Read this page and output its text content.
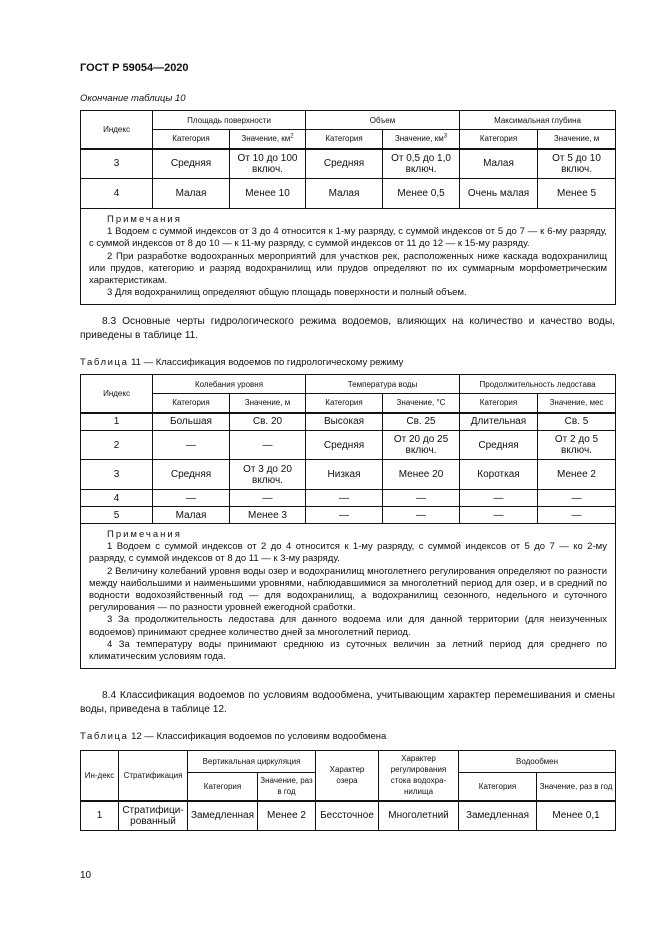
ГОСТ Р 59054—2020
Окончание таблицы 10
Индекс	Площадь поверхности		Объем		Максимальная глубина	
	Категория	Значение, $км^2$	Категория	Значение, $км^3$	Категория	Значение, м
3	Средняя	От 10 до 100 включ.	Средняя	От 0,5 до 1,0 включ.	Малая	От 5 до 10 включ.
4	Малая	Менее 10	Малая	Менее 0,5	Очень малая	Менее 5

Примечания
1 Водоем с суммой индексов от 3 до 4 относится к 1-му разряду, с суммой индексов от 5 до 7 — к 6-му разряду, с суммой индексов от 8 до 10 — к 11-му разряду, с суммой индексов от 11 до 12 — к 15-му разряду.
2 При разработке водоохранных мероприятий для участков рек, расположенных ниже каскада водохранилищ или прудов, категорию и разряд водохранилищ или прудов определяют по их суммарным морфометрическим характеристикам.
3 Для водохранилищ определяют общую площадь поверхности и полный объем.						
8.3 Основные черты гидрологического режима водоемов, влияющих на количество и качество воды, приведены в таблице 11.
Таблица 11 — Классификация водоемов по гидрологическому режиму
Индекс	Колебания уровня		Температура воды		Продолжительность ледостава	
	Категория	Значение, м	Категория	Значение, °С	Категория	Значение, мес
1	Большая	Св. 20	Высокая	Св. 25	Длительная	Св. 5
2	—	—	Средняя	От 20 до 25 включ.	Средняя	От 2 до 5 включ.
3	Средняя	От 3 до 20 включ.	Низкая	Менее 20	Короткая	Менее 2
4	—	—	—	—	—	—
5	Малая	Менее 3	—	—	—	—

Примечания
1 Водоем с суммой индексов от 2 до 4 относится к 1-му разряду, с суммой индексов от 5 до 7 — ко 2-му разряду, с суммой индексов от 8 до 11 — к 3-му разряду.
2 Величину колебаний уровня воды озер и водохранилищ многолетнего регулирования определяют по разности между наибольшими и наименьшими уровнями, наблюдавшимися за многолетний период для озер, и в средний по водности водохозяйственный год — для водохранилищ, а водохранилищ сезонного, недельного и суточного регулирования — по разности уровней ежегодной сработки.
3 За продолжительность ледостава для данного водоема или для данной территории (для неизученных водоемов) принимают среднее количество дней за многолетний период.
4 За температуру воды принимают среднюю из суточных величин за летний период для среднего по климатическим условиям года.						
8.4 Классификация водоемов по условиям водообмена, учитывающим характер перемешивания и смены воды, приведена в таблице 12.
Таблица 12 — Классификация водоемов по условиям водообмена
Ин-декс	Стратификация	Вертикальная циркуляция		Характер озера	Характер регулирования стока водохра-нилища	Водообмен	
		Категория	Значение, раз в год			Категория	Значение, раз в год
1	Стратифици-рованный	Замедленная	Менее 2	Бессточное	Многолетний	Замедленная	Менее 0,1
10
